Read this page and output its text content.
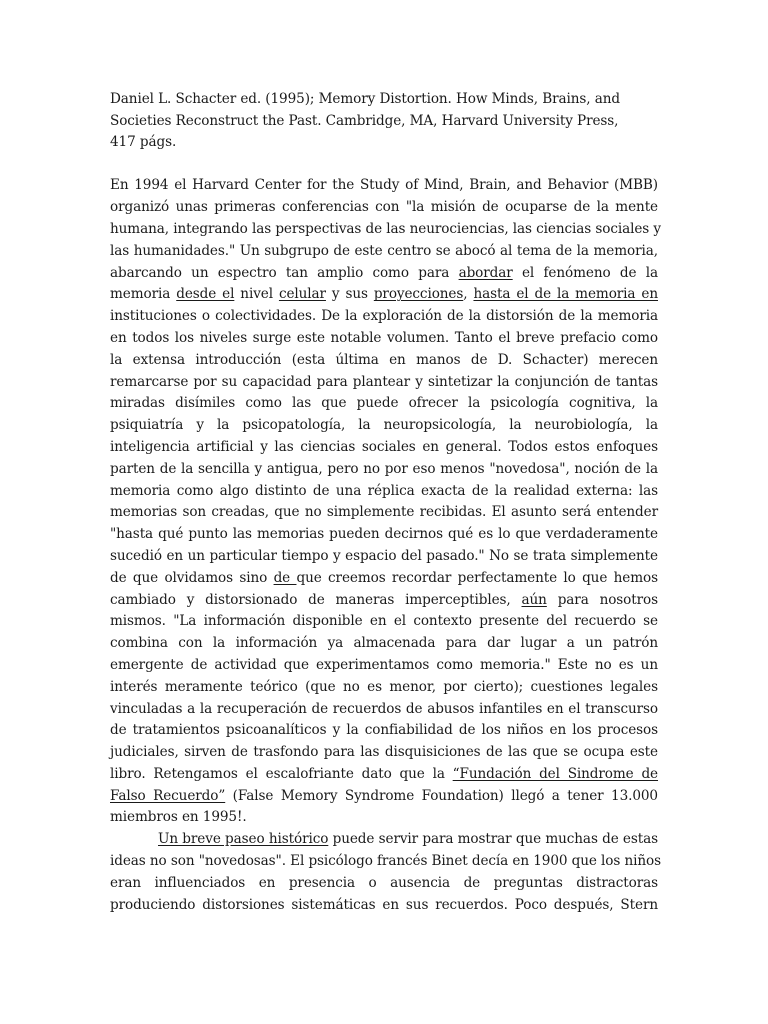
Daniel L. Schacter ed. (1995); Memory Distortion. How Minds, Brains, and
Societies Reconstruct the Past. Cambridge, MA, Harvard University Press,
417 págs.
En 1994 el Harvard Center for the Study of Mind, Brain, and Behavior (MBB)
organizó unas primeras conferencias con "la misión de ocuparse de la mente
humana, integrando las perspectivas de las neurociencias, las ciencias sociales y
las humanidades." Un subgrupo de este centro se abocó al tema de la memoria,
abarcando un espectro tan amplio como para abordar el fenómeno de la
memoria desde el nivel celular y sus proyecciones, hasta el de la memoria en
instituciones o colectividades. De la exploración de la distorsión de la memoria
en todos los niveles surge este notable volumen. Tanto el breve prefacio como
la extensa introducción (esta última en manos de D. Schacter) merecen
remarcarse por su capacidad para plantear y sintetizar la conjunción de tantas
miradas disímiles como las que puede ofrecer la psicología cognitiva, la
psiquiatría y la psicopatología, la neuropsicología, la neurobiología, la
inteligencia artificial y las ciencias sociales en general. Todos estos enfoques
parten de la sencilla y antigua, pero no por eso menos "novedosa", noción de la
memoria como algo distinto de una réplica exacta de la realidad externa: las
memorias son creadas, que no simplemente recibidas. El asunto será entender
"hasta qué punto las memorias pueden decirnos qué es lo que verdaderamente
sucedió en un particular tiempo y espacio del pasado." No se trata simplemente
de que olvidamos sino de que creemos recordar perfectamente lo que hemos
cambiado y distorsionado de maneras imperceptibles, aún para nosotros
mismos. "La información disponible en el contexto presente del recuerdo se
combina con la información ya almacenada para dar lugar a un patrón
emergente de actividad que experimentamos como memoria." Este no es un
interés meramente teórico (que no es menor, por cierto); cuestiones legales
vinculadas a la recuperación de recuerdos de abusos infantiles en el transcurso
de tratamientos psicoanalíticos y la confiabilidad de los niños en los procesos
judiciales, sirven de trasfondo para las disquisiciones de las que se ocupa este
libro. Retengamos el escalofriante dato que la “Fundación del Sindrome de
Falso Recuerdo” (False Memory Syndrome Foundation) llegó a tener 13.000
miembros en 1995!.
Un breve paseo histórico puede servir para mostrar que muchas de estas
ideas no son "novedosas". El psicólogo francés Binet decía en 1900 que los niños
eran influenciados en presencia o ausencia de preguntas distractoras
produciendo distorsiones sistemáticas en sus recuerdos. Poco después, Stern
